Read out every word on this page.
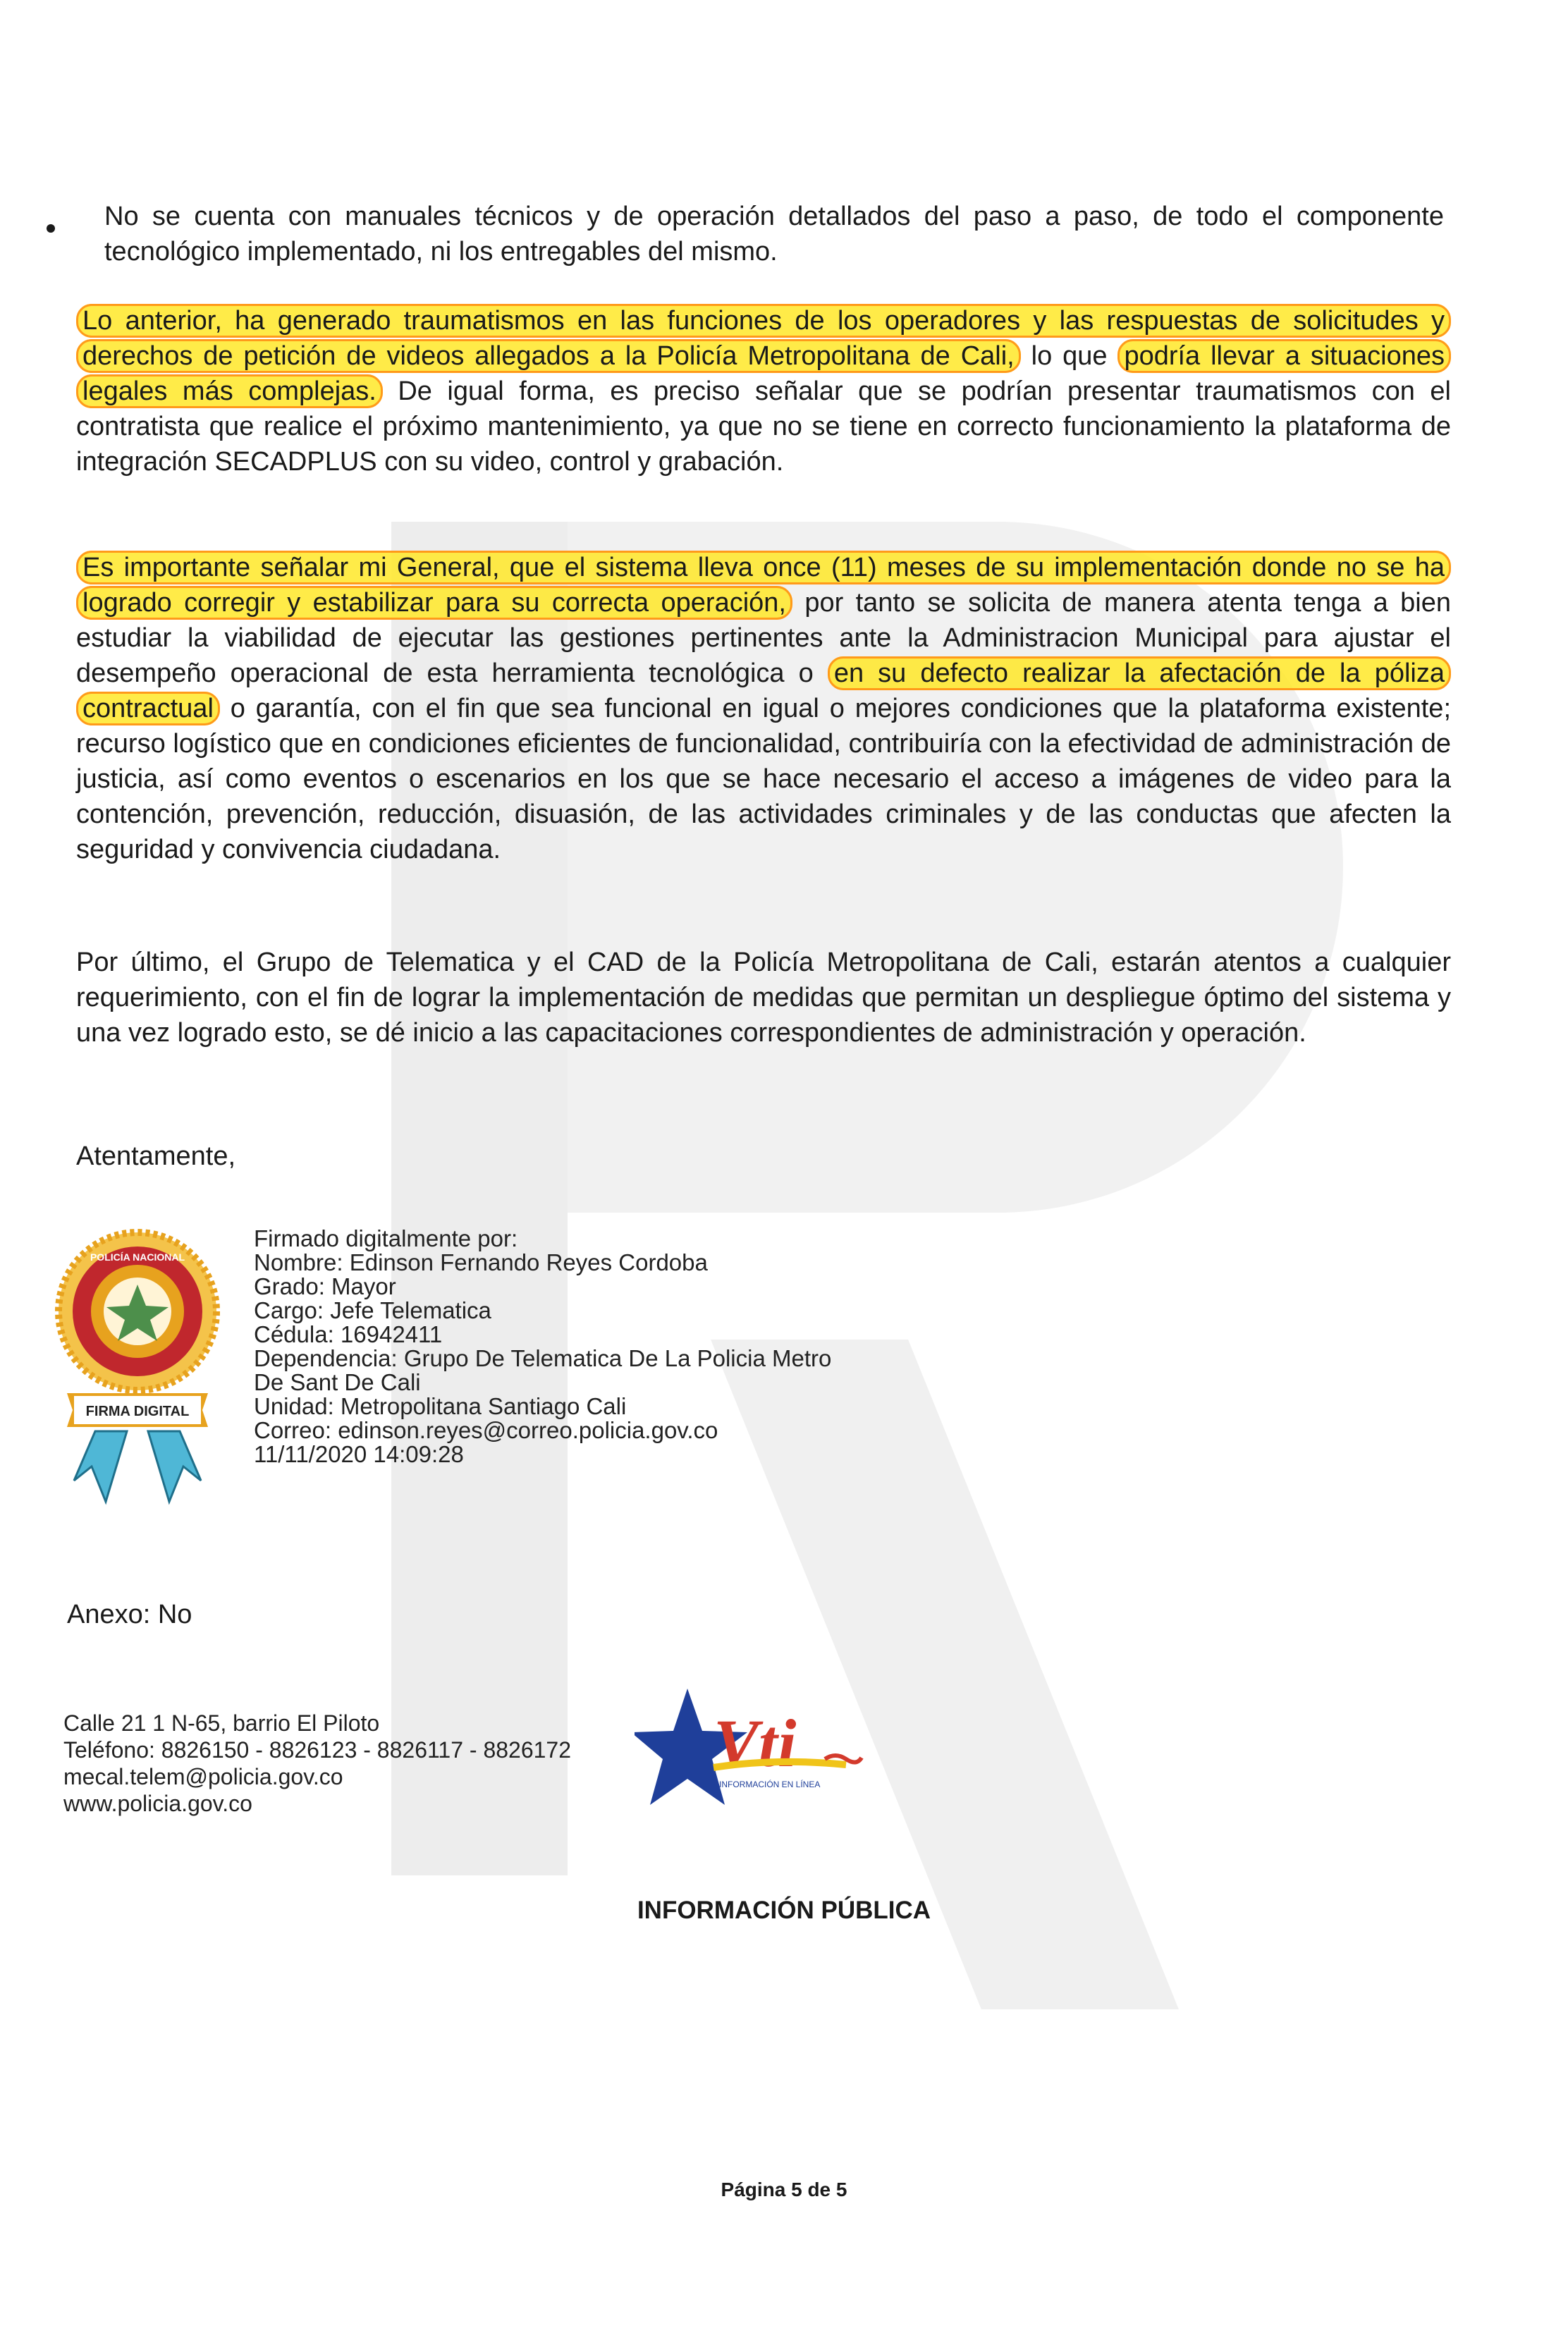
No se cuenta con manuales técnicos y de operación detallados del paso a paso, de todo el componente tecnológico implementado, ni los entregables del mismo.
Lo anterior, ha generado traumatismos en las funciones de los operadores y las respuestas de solicitudes y derechos de petición de videos allegados a la Policía Metropolitana de Cali, lo que podría llevar a situaciones legales más complejas. De igual forma, es preciso señalar que se podrían presentar traumatismos con el contratista que realice el próximo mantenimiento, ya que no se tiene en correcto funcionamiento la plataforma de integración SECADPLUS con su video, control y grabación.
Es importante señalar mi General, que el sistema lleva once (11) meses de su implementación donde no se ha logrado corregir y estabilizar para su correcta operación, por tanto se solicita de manera atenta tenga a bien estudiar la viabilidad de ejecutar las gestiones pertinentes ante la Administracion Municipal para ajustar el desempeño operacional de esta herramienta tecnológica o en su defecto realizar la afectación de la póliza contractual o garantía, con el fin que sea funcional en igual o mejores condiciones que la plataforma existente; recurso logístico que en condiciones eficientes de funcionalidad, contribuiría con la efectividad de administración de justicia, así como eventos o escenarios en los que se hace necesario el acceso a imágenes de video para la contención, prevención, reducción, disuasión, de las actividades criminales y de las conductas que afecten la seguridad y convivencia ciudadana.
Por último, el Grupo de Telematica y el CAD de la Policía Metropolitana de Cali, estarán atentos a cualquier requerimiento, con el fin de lograr la implementación de medidas que permitan un despliegue óptimo del sistema y una vez logrado esto, se dé inicio a las capacitaciones correspondientes de administración y operación.
Atentamente,
POLICÍA NACIONAL
FIRMA DIGITAL
Firmado digitalmente por:
Nombre: Edinson Fernando Reyes Cordoba
Grado: Mayor
Cargo: Jefe Telematica
Cédula: 16942411
Dependencia: Grupo De Telematica De La Policia Metro
De Sant De Cali
Unidad: Metropolitana Santiago Cali
Correo: edinson.reyes@correo.policia.gov.co
11/11/2020 14:09:28
Anexo: No
Calle 21 1 N-65, barrio El Piloto
Teléfono: 8826150 - 8826123 - 8826117 - 8826172
mecal.telem@policia.gov.co
www.policia.gov.co
Vti
INFORMACIÓN EN LÍNEA
INFORMACIÓN PÚBLICA
Página 5 de 5
